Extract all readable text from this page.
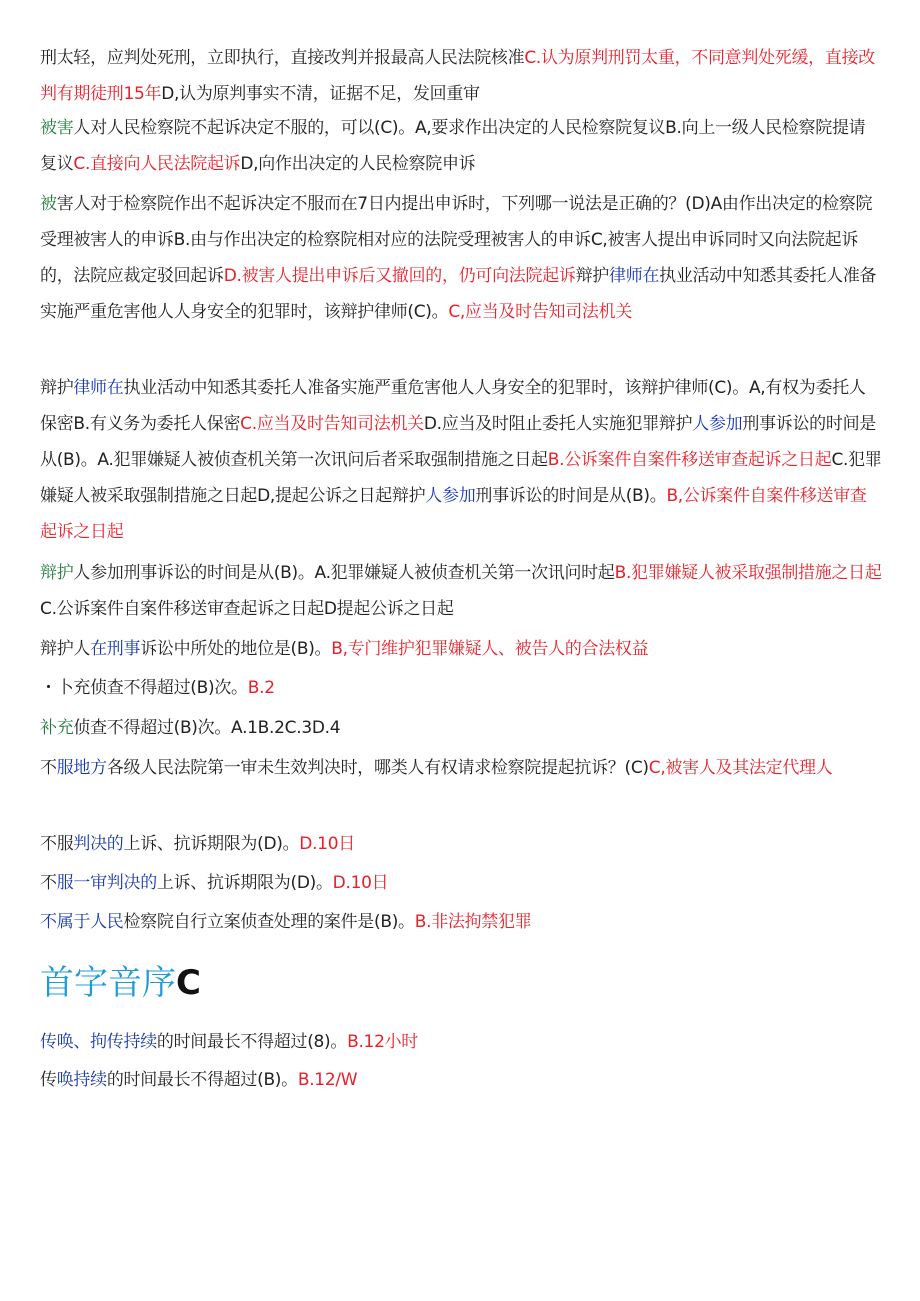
刑太轻，应判处死刑，立即执行，直接改判并报最高人民法院核准C.认为原判刑罚太重，不同意判处死缓，直接改判有期徒刑15年D,认为原判事实不清，证据不足，发回重审

被害人对人民检察院不起诉决定不服的，可以(C)。A,要求作出决定的人民检察院复议B.向上一级人民检察院提请复议C.直接向人民法院起诉D,向作出决定的人民检察院申诉

被害人对于检察院作出不起诉决定不服而在7日内提出申诉时，下列哪一说法是正确的？(D)A由作出决定的检察院受理被害人的申诉B.由与作出决定的检察院相对应的法院受理被害人的申诉C,被害人提出申诉同时又向法院起诉的，法院应裁定驳回起诉D.被害人提出申诉后又撤回的，仍可向法院起诉辩护律师在执业活动中知悉其委托人准备实施严重危害他人人身安全的犯罪时，该辩护律师(C)。C,应当及时告知司法机关

辩护律师在执业活动中知悉其委托人准备实施严重危害他人人身安全的犯罪时，该辩护律师(C)。A,有权为委托人保密B.有义务为委托人保密C.应当及时告知司法机关D.应当及时阻止委托人实施犯罪辩护人参加刑事诉讼的时间是从(B)。A.犯罪嫌疑人被侦查机关第一次讯问后者采取强制措施之日起B.公诉案件自案件移送审查起诉之日起C.犯罪嫌疑人被采取强制措施之日起D,提起公诉之日起辩护人参加刑事诉讼的时间是从(B)。B,公诉案件自案件移送审查起诉之日起

辩护人参加刑事诉讼的时间是从(B)。A.犯罪嫌疑人被侦查机关第一次讯问时起B.犯罪嫌疑人被采取强制措施之日起C.公诉案件自案件移送审查起诉之日起D提起公诉之日起

辩护人在刑事诉讼中所处的地位是(B)。B,专门维护犯罪嫌疑人、被告人的合法权益

・卜充侦查不得超过(B)次。B.2

补充侦查不得超过(B)次。A.1B.2C.3D.4

不服地方各级人民法院第一审未生效判决时，哪类人有权请求检察院提起抗诉？(C)C,被害人及其法定代理人

不服判决的上诉、抗诉期限为(D)。D.10日

不服一审判决的上诉、抗诉期限为(D)。D.10日

不属于人民检察院自行立案侦查处理的案件是(B)。B.非法拘禁犯罪

首字音序C

传唤、拘传持续的时间最长不得超过(8)。B.12小时

传唤持续的时间最长不得超过(B)。B.12/W
